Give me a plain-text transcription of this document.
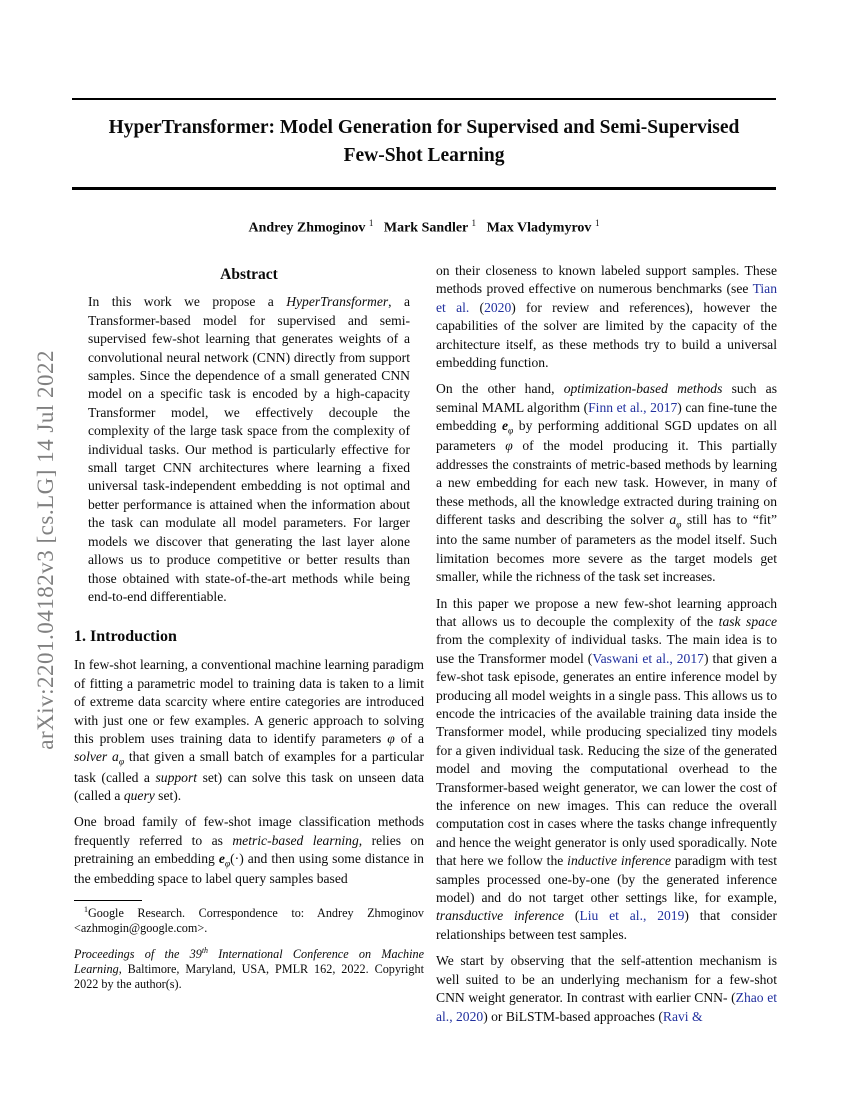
arXiv:2201.04182v3 [cs.LG] 14 Jul 2022
HyperTransformer: Model Generation for Supervised and Semi-Supervised
Few-Shot Learning
Andrey Zhmoginov $^1$ Mark Sandler $^1$ Max Vladymyrov $^1$
Abstract

In this work we propose a HyperTransformer, a Transformer-based model for supervised and semi-supervised few-shot learning that generates weights of a convolutional neural network (CNN) directly from support samples. Since the dependence of a small generated CNN model on a specific task is encoded by a high-capacity Transformer model, we effectively decouple the complexity of the large task space from the complexity of individual tasks. Our method is particularly effective for small target CNN architectures where learning a fixed universal task-independent embedding is not optimal and better performance is attained when the information about the task can modulate all model parameters. For larger models we discover that generating the last layer alone allows us to produce competitive or better results than those obtained with state-of-the-art methods while being end-to-end differentiable.

1. Introduction

In few-shot learning, a conventional machine learning paradigm of fitting a parametric model to training data is taken to a limit of extreme data scarcity where entire categories are introduced with just one or few examples. A generic approach to solving this problem uses training data to identify parameters φ of a solver $a_\varphi$ that given a small batch of examples for a particular task (called a support set) can solve this task on unseen data (called a query set).

One broad family of few-shot image classification methods frequently referred to as metric-based learning, relies on pretraining an embedding $e_\varphi(\cdot)$ and then using some distance in the embedding space to label query samples based

$^1$Google Research. Correspondence to: Andrey Zhmoginov <azhmogin@google.com>.

Proceedings of the 39th International Conference on Machine Learning, Baltimore, Maryland, USA, PMLR 162, 2022. Copyright 2022 by the author(s).

on their closeness to known labeled support samples. These methods proved effective on numerous benchmarks (see Tian et al. (2020) for review and references), however the capabilities of the solver are limited by the capacity of the architecture itself, as these methods try to build a universal embedding function.

On the other hand, optimization-based methods such as seminal MAML algorithm (Finn et al., 2017) can fine-tune the embedding $e_\varphi$ by performing additional SGD updates on all parameters φ of the model producing it. This partially addresses the constraints of metric-based methods by learning a new embedding for each new task. However, in many of these methods, all the knowledge extracted during training on different tasks and describing the solver $a_\varphi$ still has to “fit” into the same number of parameters as the model itself. Such limitation becomes more severe as the target models get smaller, while the richness of the task set increases.

In this paper we propose a new few-shot learning approach that allows us to decouple the complexity of the task space from the complexity of individual tasks. The main idea is to use the Transformer model (Vaswani et al., 2017) that given a few-shot task episode, generates an entire inference model by producing all model weights in a single pass. This allows us to encode the intricacies of the available training data inside the Transformer model, while producing specialized tiny models for a given individual task. Reducing the size of the generated model and moving the computational overhead to the Transformer-based weight generator, we can lower the cost of the inference on new images. This can reduce the overall computation cost in cases where the tasks change infrequently and hence the weight generator is only used sporadically. Note that here we follow the inductive inference paradigm with test samples processed one-by-one (by the generated inference model) and do not target other settings like, for example, transductive inference (Liu et al., 2019) that consider relationships between test samples.

We start by observing that the self-attention mechanism is well suited to be an underlying mechanism for a few-shot CNN weight generator. In contrast with earlier CNN- (Zhao et al., 2020) or BiLSTM-based approaches (Ravi &
